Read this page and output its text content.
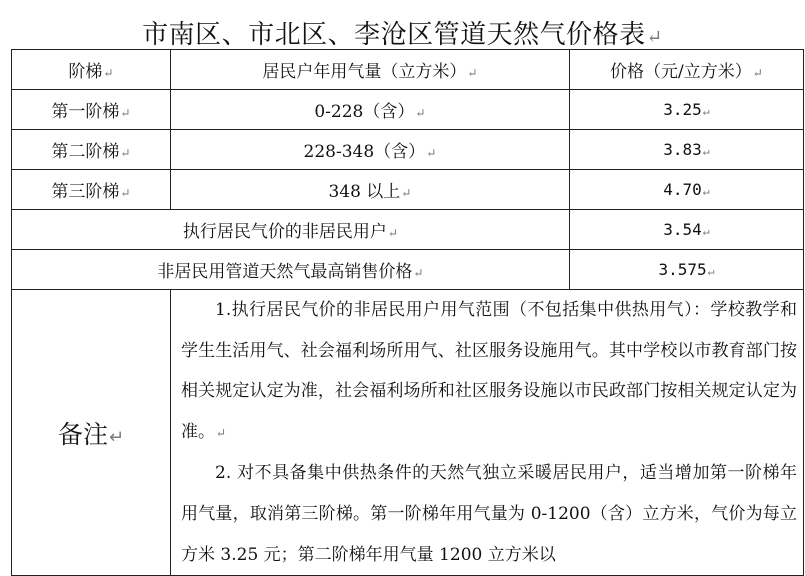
市南区、市北区、李沧区管道天然气价格表↵
阶梯↵	居民户年用气量（立方米）↵	价格（元/立方米）↵
第一阶梯↵	0-228（含）↵	3.25↵
第二阶梯↵	228-348（含）↵	3.83↵
第三阶梯↵	348 以上↵	4.70↵
执行居民气价的非居民用户↵		3.54↵
非居民用管道天然气最高销售价格↵		3.575↵
备注↵	1.执行居民气价的非居民用户用气范围（不包括集中供热用气）：学校教学和学生生活用气、社会福利场所用气、社区服务设施用气。其中学校以市教育部门按相关规定认定为准，社会福利场所和社区服务设施以市民政部门按相关规定认定为准。↵

2. 对不具备集中供热条件的天然气独立采暖居民用户，适当增加第一阶梯年用气量，取消第三阶梯。第一阶梯年用气量为 0-1200（含）立方米，气价为每立方米 3.25 元；第二阶梯年用气量 1200 立方米以	
